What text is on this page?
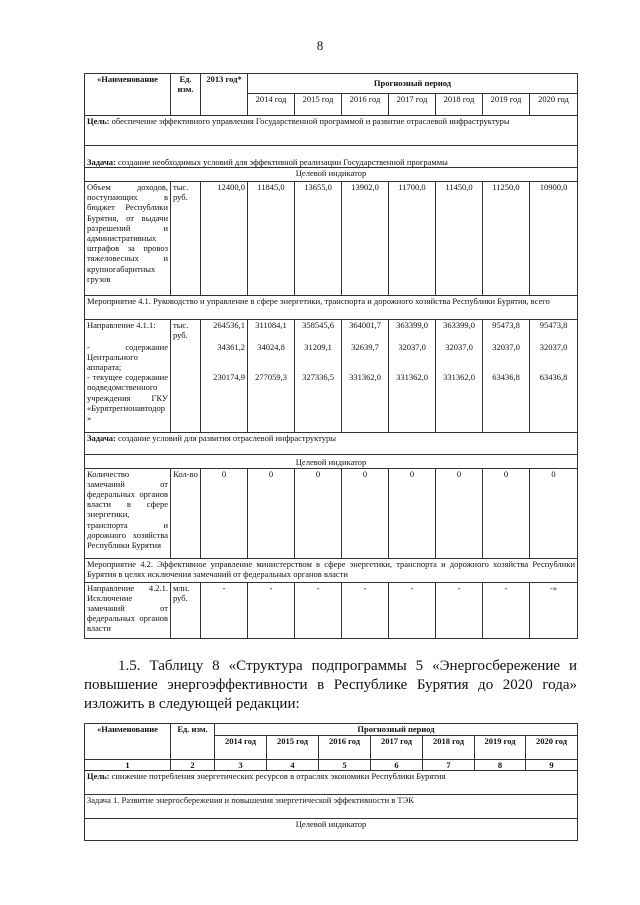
8
«Наименование	Ед. изм.	2013 год*	Прогнозный период						
			2014 год	2015 год	2016 год	2017 год	2018 год	2019 год	2020 год
Цель: обеспечение эффективного управления Государственной программой и развитие отраслевой инфраструктуры									
Задача: создание необходимых условий для эффективной реализации Государственной программы									
Целевой индикатор									
Объем доходов, поступающих в бюджет Республики Бурятия, от выдачи разрешений и административных штрафов за провоз тяжеловесных и крупногабаритных грузов	тыс. руб.	12400,0	11845,0	13655,0	13902,0	11700,0	11450,0	11250,0	10900,0
Мероприятие 4.1. Руководство и управление в сфере энергетики, транспорта и дорожного хозяйства Республики Бурятия, всего									
Направление 4.1.1:	тыс. руб.	264536,1	311084,1	358545,6	364001,7	363399,0	363399,0	95473,8	95473,8
- содержание Центрального аппарата;		34361,2	34024,8	31209,1	32639,7	32037,0	32037,0	32037,0	32037,0
- текущее содержание подведомственного учреждения ГКУ «Бурятрегионавтодор»		230174,9	277059,3	327336,5	331362,0	331362,0	331362,0	63436,8	63436,8
Задача: создание условий для развития отраслевой инфраструктуры									
Целевой индикатор									
Количество замечаний от федеральных органов власти в сфере энергетики, транспорта и дорожного хозяйства Республики Бурятия	Кол-во	0	0	0	0	0	0	0	0
Мероприятие 4.2. Эффективное управление министерством в сфере энергетики, транспорта и дорожного хозяйства Республики Бурятия в целях исключения замечаний от федеральных органов власти									
Направление 4.2.1. Исключение замечаний от федеральных органов власти	млн. руб.	-	-	-	-	-	-	-	-»
1.5. Таблицу 8 «Структура подпрограммы 5 «Энергосбережение и повышение энергоэффективности в Республике Бурятия до 2020 года» изложить в следующей редакции:
«Наименование	Ед. изм.	Прогнозный период						
		2014 год	2015 год	2016 год	2017 год	2018 год	2019 год	2020 год
1	2	3	4	5	6	7	8	9
Цель: снижение потребления энергетических ресурсов в отраслях экономики Республики Бурятия								
Задача 1. Развитие энергосбережения и повышения энергетической эффективности в ТЭК								
Целевой индикатор								
